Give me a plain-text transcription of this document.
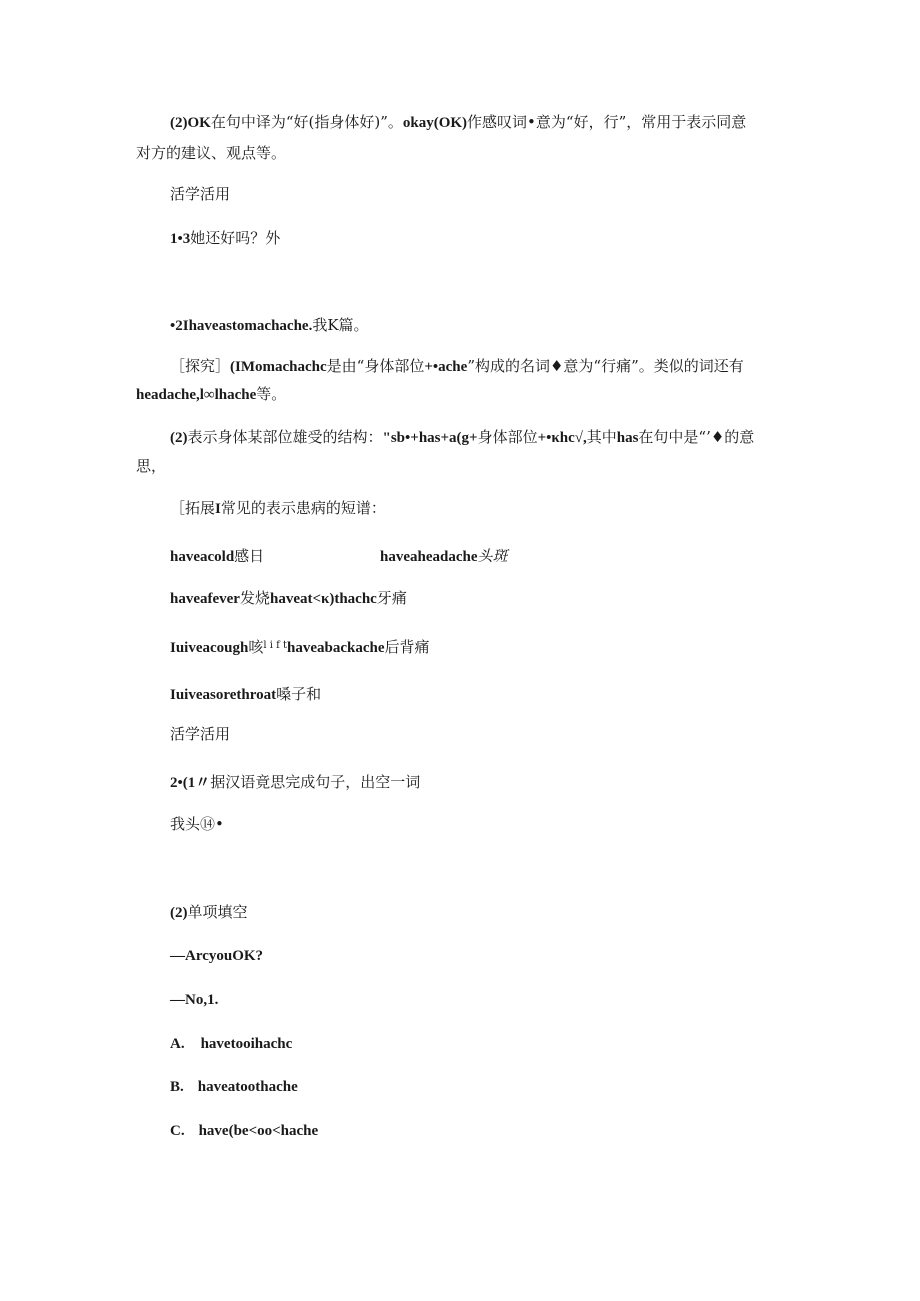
(2)OK在句中译为“好(指身体好)”。okay(OK)作感叹词•意为“好，行”，常用于表示同意
对方的建议、观点等。
活学活用
1•3她还好吗？外
•2Ihaveastomachache.我K篇。
［探究］(IMomachachc是由“身体部位+•ache”构成的名词♦意为“行痛”。类似的词还有
headache,l∞lhache等。
(2)表示身体某部位雄受的结构："sb•+has+a(g+身体部位+•κhc√,其中has在句中是“’♦的意
思，
［拓展I常见的表示患病的短谱：
haveacold感日	haveaheadache头斑
haveafever发烧haveat<κ)thachc牙痛
Iuiveacough咳$^{l i f t}$haveabackache后背痛
Iuiveasorethroat嗓子和
活学活用
2•(1〃据汉语竟思完成句子，出空一词
我头⑭•
(2)单项填空
—ArcyouOK?
—No,1.
A. havetooihachc
B. haveatoothache
C. have(be<oo<hache
